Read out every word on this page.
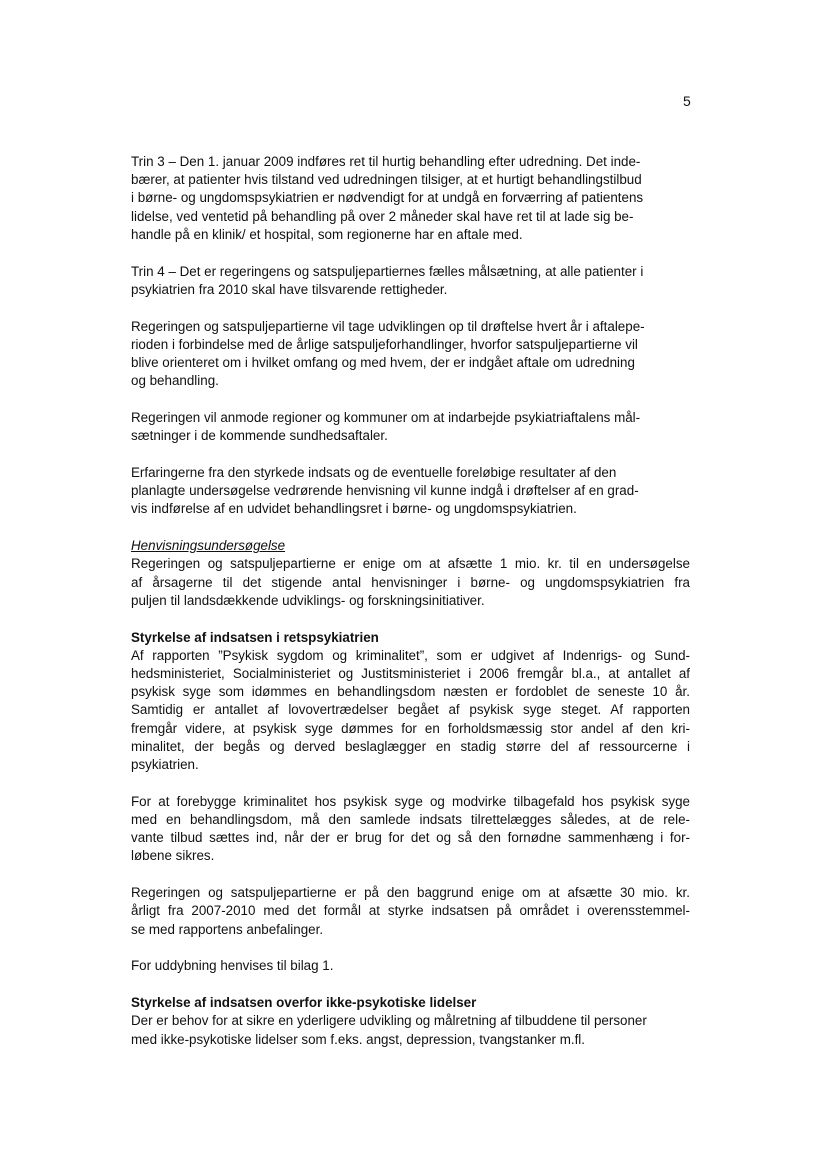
5

Trin 3 – Den 1. januar 2009 indføres ret til hurtig behandling efter udredning. Det inde-
bærer, at patienter hvis tilstand ved udredningen tilsiger, at et hurtigt behandlingstilbud
i børne- og ungdomspsykiatrien er nødvendigt for at undgå en forværring af patientens
lidelse, ved ventetid på behandling på over 2 måneder skal have ret til at lade sig be-
handle på en klinik/ et hospital, som regionerne har en aftale med.

Trin 4 – Det er regeringens og satspuljepartiernes fælles målsætning, at alle patienter i
psykiatrien fra 2010 skal have tilsvarende rettigheder.

Regeringen og satspuljepartierne vil tage udviklingen op til drøftelse hvert år i aftalepe-
rioden i forbindelse med de årlige satspuljeforhandlinger, hvorfor satspuljepartierne vil
blive orienteret om i hvilket omfang og med hvem, der er indgået aftale om udredning
og behandling.

Regeringen vil anmode regioner og kommuner om at indarbejde psykiatriaftalens mål-
sætninger i de kommende sundhedsaftaler.

Erfaringerne fra den styrkede indsats og de eventuelle foreløbige resultater af den
planlagte undersøgelse vedrørende henvisning vil kunne indgå i drøftelser af en grad-
vis indførelse af en udvidet behandlingsret i børne- og ungdomspsykiatrien.

Henvisningsundersøgelse
Regeringen og satspuljepartierne er enige om at afsætte 1 mio. kr. til en undersøgelse
af årsagerne til det stigende antal henvisninger i børne- og ungdomspsykiatrien fra
puljen til landsdækkende udviklings- og forskningsinitiativer.

Styrkelse af indsatsen i retspsykiatrien
Af rapporten ”Psykisk sygdom og kriminalitet”, som er udgivet af Indenrigs- og Sund-
hedsministeriet, Socialministeriet og Justitsministeriet i 2006 fremgår bl.a., at antallet af
psykisk syge som idømmes en behandlingsdom næsten er fordoblet de seneste 10 år.
Samtidig er antallet af lovovertrædelser begået af psykisk syge steget. Af rapporten
fremgår videre, at psykisk syge dømmes for en forholdsmæssig stor andel af den kri-
minalitet, der begås og derved beslaglægger en stadig større del af ressourcerne i
psykiatrien.

For at forebygge kriminalitet hos psykisk syge og modvirke tilbagefald hos psykisk syge
med en behandlingsdom, må den samlede indsats tilrettelægges således, at de rele-
vante tilbud sættes ind, når der er brug for det og så den fornødne sammenhæng i for-
løbene sikres.

Regeringen og satspuljepartierne er på den baggrund enige om at afsætte 30 mio. kr.
årligt fra 2007-2010 med det formål at styrke indsatsen på området i overensstemmel-
se med rapportens anbefalinger.

For uddybning henvises til bilag 1.

Styrkelse af indsatsen overfor ikke-psykotiske lidelser
Der er behov for at sikre en yderligere udvikling og målretning af tilbuddene til personer
med ikke-psykotiske lidelser som f.eks. angst, depression, tvangstanker m.fl.
